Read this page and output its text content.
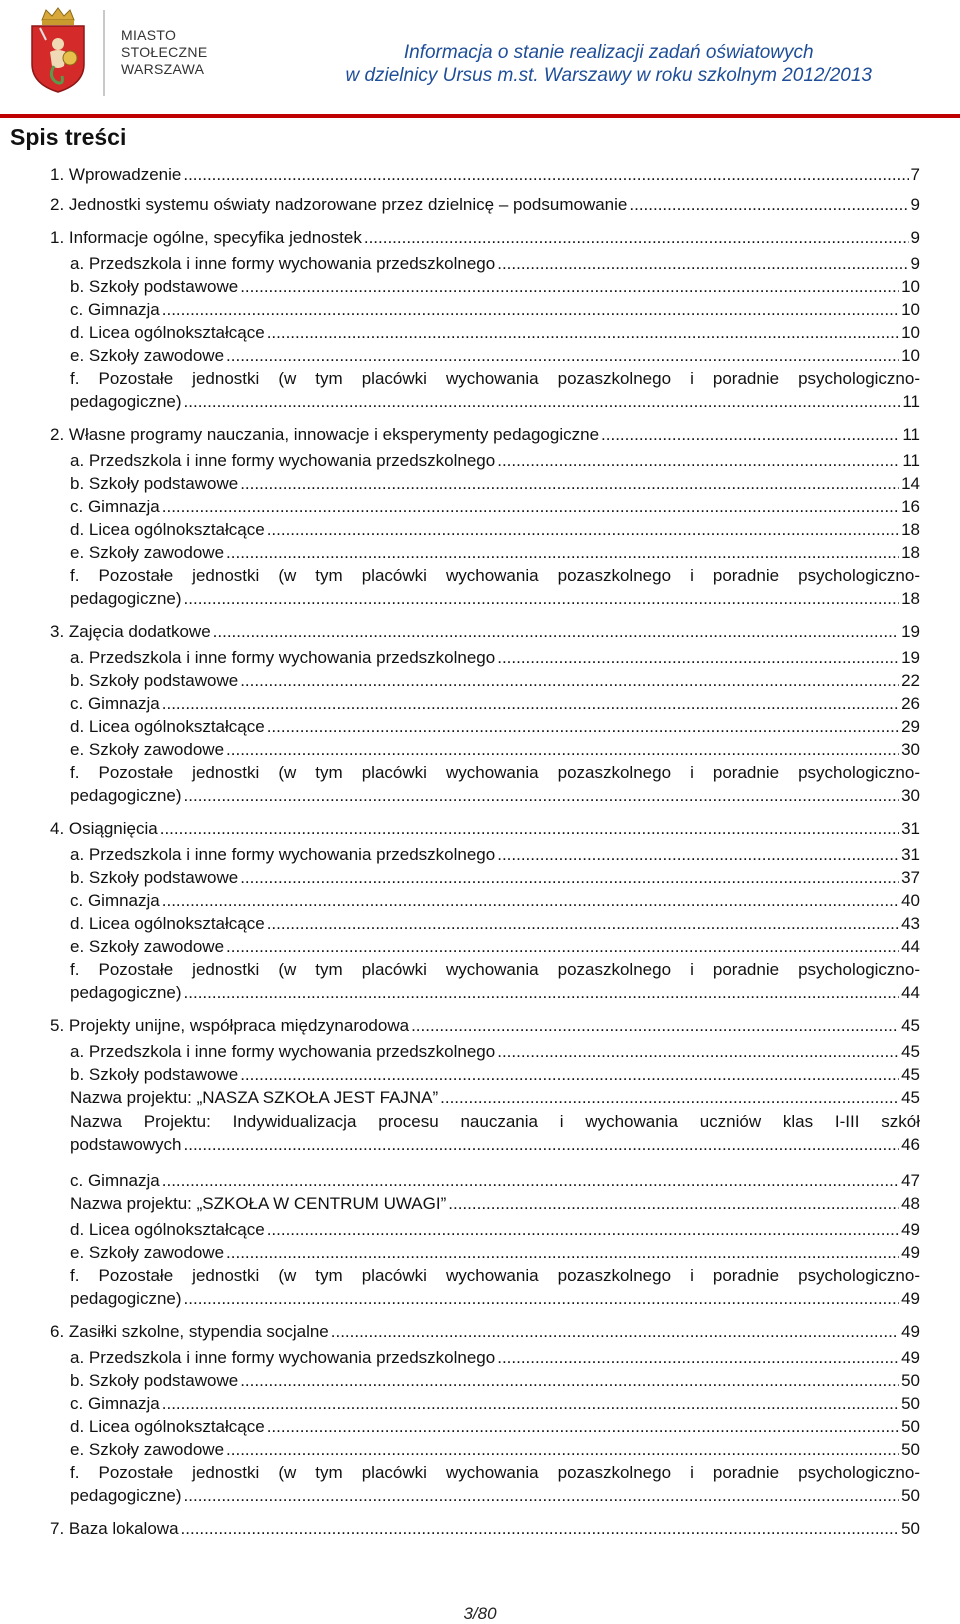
MIASTO
STOŁECZNE
WARSZAWA
Informacja o stanie realizacji zadań oświatowych
w dzielnicy Ursus m.st. Warszawy w roku szkolnym 2012/2013
Spis treści
1. Wprowadzenie .....	7
2. Jednostki systemu oświaty nadzorowane przez dzielnicę – podsumowanie .....	9
1. Informacje ogólne, specyfika jednostek .....	9
a. Przedszkola i inne formy wychowania przedszkolnego .....	9
b. Szkoły podstawowe .....	10
c. Gimnazja .....	10
d. Licea ogólnokształcące .....	10
e. Szkoły zawodowe .....	10
f. Pozostałe jednostki (w tym placówki wychowania pozaszkolnego i poradnie psychologiczno-
pedagogiczne) .....	11
2. Własne programy nauczania, innowacje i eksperymenty pedagogiczne .....	11
a. Przedszkola i inne formy wychowania przedszkolnego .....	11
b. Szkoły podstawowe .....	14
c. Gimnazja .....	16
d. Licea ogólnokształcące .....	18
e. Szkoły zawodowe .....	18
f. Pozostałe jednostki (w tym placówki wychowania pozaszkolnego i poradnie psychologiczno-
pedagogiczne) .....	18
3. Zajęcia dodatkowe .....	19
a. Przedszkola i inne formy wychowania przedszkolnego .....	19
b. Szkoły podstawowe .....	22
c. Gimnazja .....	26
d. Licea ogólnokształcące .....	29
e. Szkoły zawodowe .....	30
f. Pozostałe jednostki (w tym placówki wychowania pozaszkolnego i poradnie psychologiczno-
pedagogiczne) .....	30
4. Osiągnięcia .....	31
a. Przedszkola i inne formy wychowania przedszkolnego .....	31
b. Szkoły podstawowe .....	37
c. Gimnazja .....	40
d. Licea ogólnokształcące .....	43
e. Szkoły zawodowe .....	44
f. Pozostałe jednostki (w tym placówki wychowania pozaszkolnego i poradnie psychologiczno-
pedagogiczne) .....	44
5. Projekty unijne, współpraca międzynarodowa .....	45
a. Przedszkola i inne formy wychowania przedszkolnego .....	45
b. Szkoły podstawowe .....	45
Nazwa projektu: „NASZA SZKOŁA JEST FAJNA” .....	45
Nazwa Projektu: Indywidualizacja procesu nauczania i wychowania uczniów klas I-III szkół
podstawowych .....	46
c. Gimnazja .....	47
Nazwa projektu: „SZKOŁA W CENTRUM UWAGI” .....	48
d. Licea ogólnokształcące .....	49
e. Szkoły zawodowe .....	49
f. Pozostałe jednostki (w tym placówki wychowania pozaszkolnego i poradnie psychologiczno-
pedagogiczne) .....	49
6. Zasiłki szkolne, stypendia socjalne .....	49
a. Przedszkola i inne formy wychowania przedszkolnego .....	49
b. Szkoły podstawowe .....	50
c. Gimnazja .....	50
d. Licea ogólnokształcące .....	50
e. Szkoły zawodowe .....	50
f. Pozostałe jednostki (w tym placówki wychowania pozaszkolnego i poradnie psychologiczno-
pedagogiczne) .....	50
7. Baza lokalowa .....	50
3/80
